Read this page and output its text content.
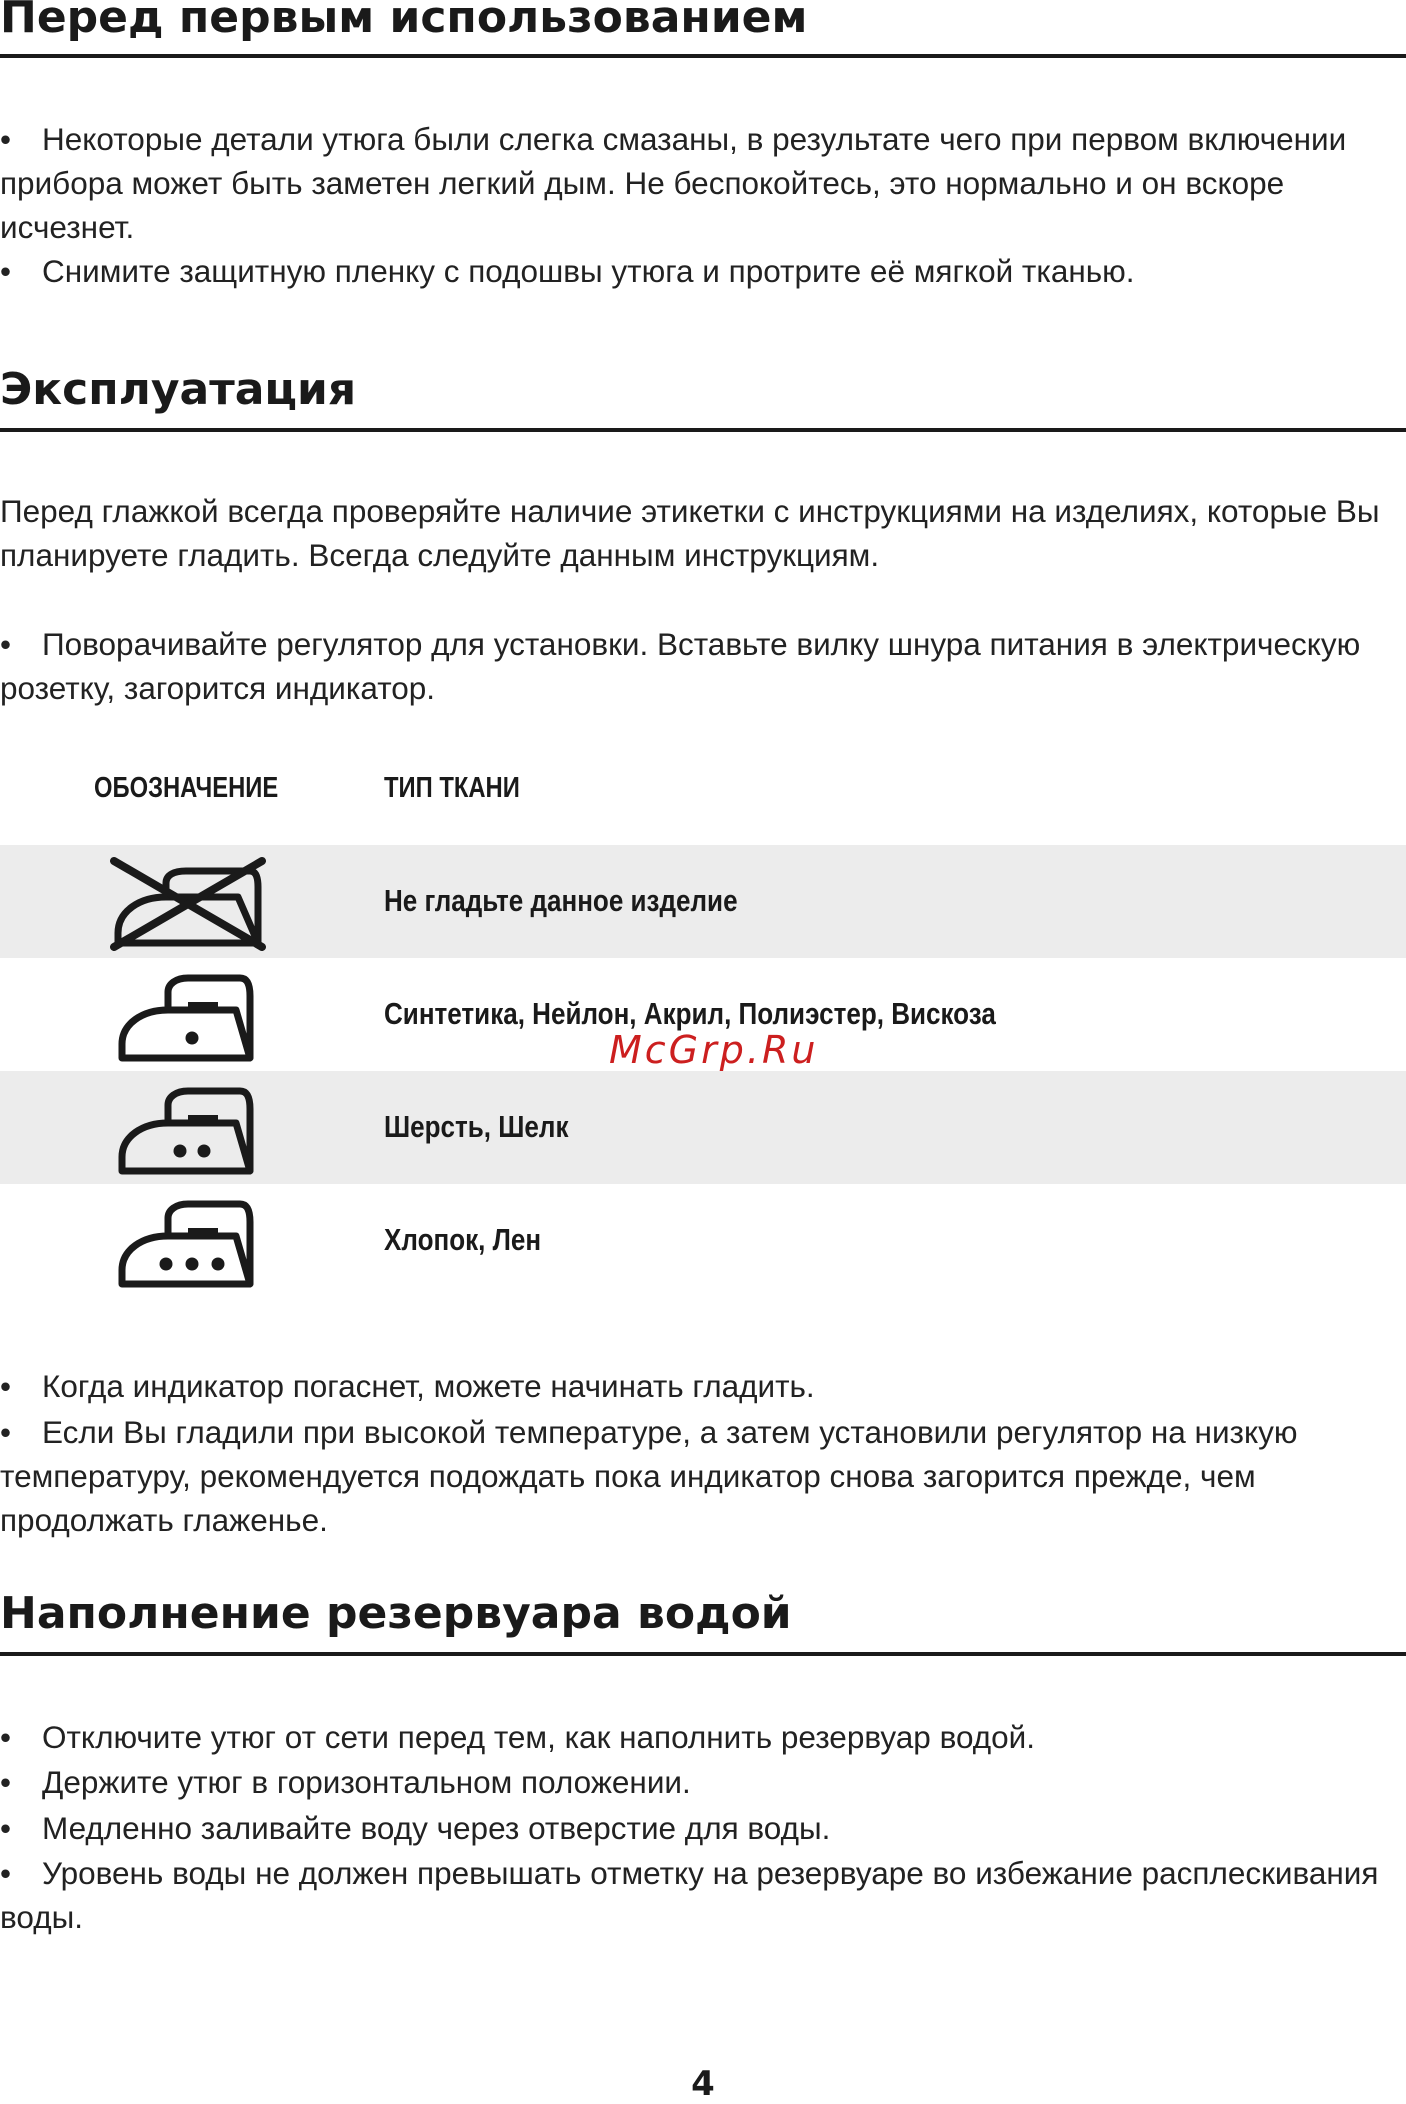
Перед первым использованием

• Некоторые детали утюга были слегка смазаны, в результате чего при первом включении прибора может быть заметен легкий дым. Не беспокойтесь, это нормально и он вскоре исчезнет.

• Снимите защитную пленку с подошвы утюга и протрите её мягкой тканью.

Эксплуатация

Перед глажкой всегда проверяйте наличие этикетки с инструкциями на изделиях, которые Вы планируете гладить. Всегда следуйте данным инструкциям.

• Поворачивайте регулятор для установки. Вставьте вилку шнура питания в электрическую розетку, загорится индикатор.

ОБОЗНАЧЕНИЕ	ТИП ТКАНИ
Не гладьте данное изделие
Синтетика, Нейлон, Акрил, Полиэстер, Вискоза
Шерсть, Шелк
Хлопок, Лен
McGrp.Ru

• Когда индикатор погаснет, можете начинать гладить.

• Если Вы гладили при высокой температуре, а затем установили регулятор на низкую температуру, рекомендуется подождать пока индикатор снова загорится прежде, чем продолжать глаженье.

Наполнение резервуара водой

• Отключите утюг от сети перед тем, как наполнить резервуар водой.

• Держите утюг в горизонтальном положении.

• Медленно заливайте воду через отверстие для воды.

• Уровень воды не должен превышать отметку на резервуаре во избежание расплескивания воды.

4
